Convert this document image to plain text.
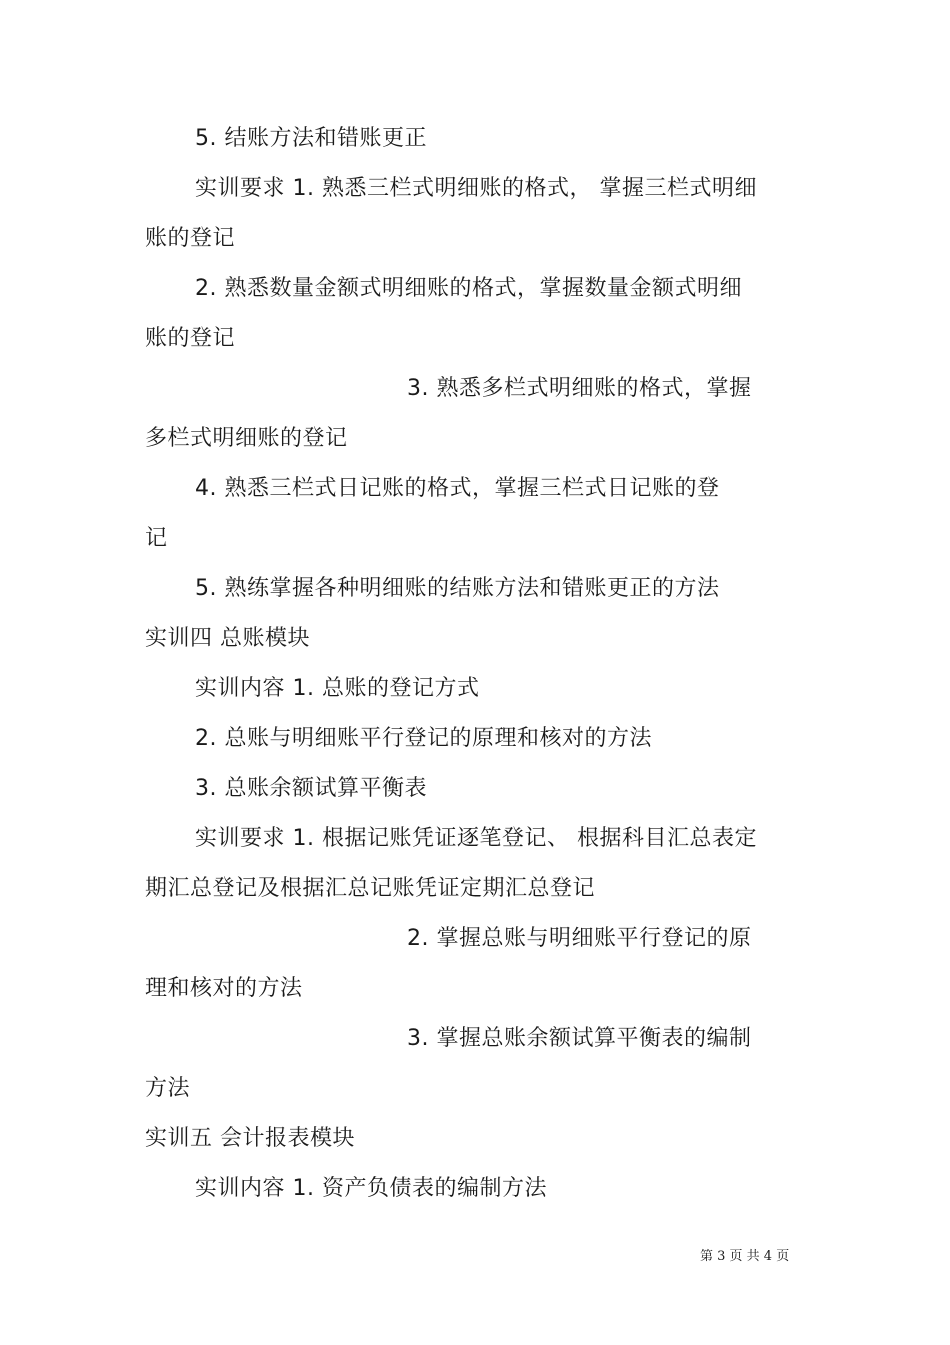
5. 结账方法和错账更正
实训要求 1. 熟悉三栏式明细账的格式， 掌握三栏式明细
账的登记
2. 熟悉数量金额式明细账的格式，掌握数量金额式明细
账的登记
3. 熟悉多栏式明细账的格式，掌握
多栏式明细账的登记
4. 熟悉三栏式日记账的格式，掌握三栏式日记账的登
记
5. 熟练掌握各种明细账的结账方法和错账更正的方法
实训四 总账模块
实训内容 1. 总账的登记方式
2. 总账与明细账平行登记的原理和核对的方法
3. 总账余额试算平衡表
实训要求 1. 根据记账凭证逐笔登记、 根据科目汇总表定
期汇总登记及根据汇总记账凭证定期汇总登记
2. 掌握总账与明细账平行登记的原
理和核对的方法
3. 掌握总账余额试算平衡表的编制
方法
实训五 会计报表模块
实训内容 1. 资产负债表的编制方法
第 3 页 共 4 页
